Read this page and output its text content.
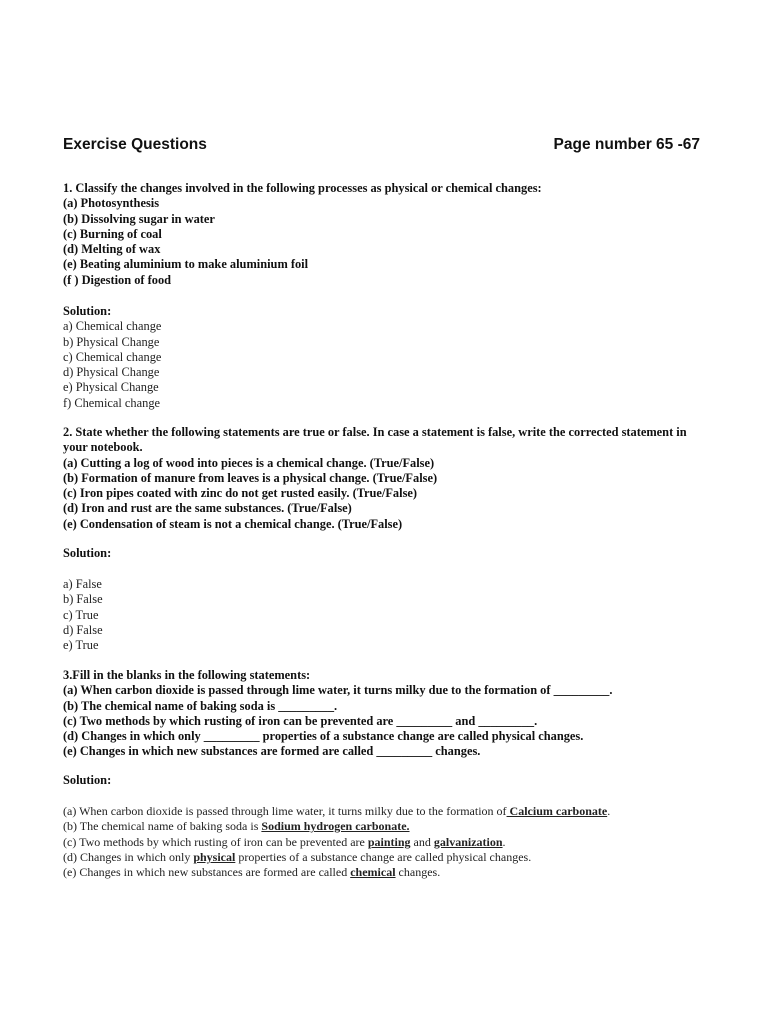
Exercise Questions	Page number 65 -67
1. Classify the changes involved in the following processes as physical or chemical changes:
(a) Photosynthesis
(b) Dissolving sugar in water
(c) Burning of coal
(d) Melting of wax
(e) Beating aluminium to make aluminium foil
(f ) Digestion of food
Solution:
a) Chemical change
b) Physical Change
c) Chemical change
d) Physical Change
e) Physical Change
f) Chemical change
2. State whether the following statements are true or false. In case a statement is false, write the corrected statement in your notebook.
(a) Cutting a log of wood into pieces is a chemical change. (True/False)
(b) Formation of manure from leaves is a physical change. (True/False)
(c) Iron pipes coated with zinc do not get rusted easily. (True/False)
(d) Iron and rust are the same substances. (True/False)
(e) Condensation of steam is not a chemical change. (True/False)
Solution:
a) False
b) False
c) True
d) False
e) True
3.Fill in the blanks in the following statements:
(a) When carbon dioxide is passed through lime water, it turns milky due to the formation of _________.
(b) The chemical name of baking soda is _________.
(c) Two methods by which rusting of iron can be prevented are _________ and _________.
(d) Changes in which only _________ properties of a substance change are called physical changes.
(e) Changes in which new substances are formed are called _________ changes.
Solution:
(a) When carbon dioxide is passed through lime water, it turns milky due to the formation of Calcium carbonate.
(b) The chemical name of baking soda is Sodium hydrogen carbonate.
(c) Two methods by which rusting of iron can be prevented are painting and galvanization.
(d) Changes in which only physical properties of a substance change are called physical changes.
(e) Changes in which new substances are formed are called chemical changes.
